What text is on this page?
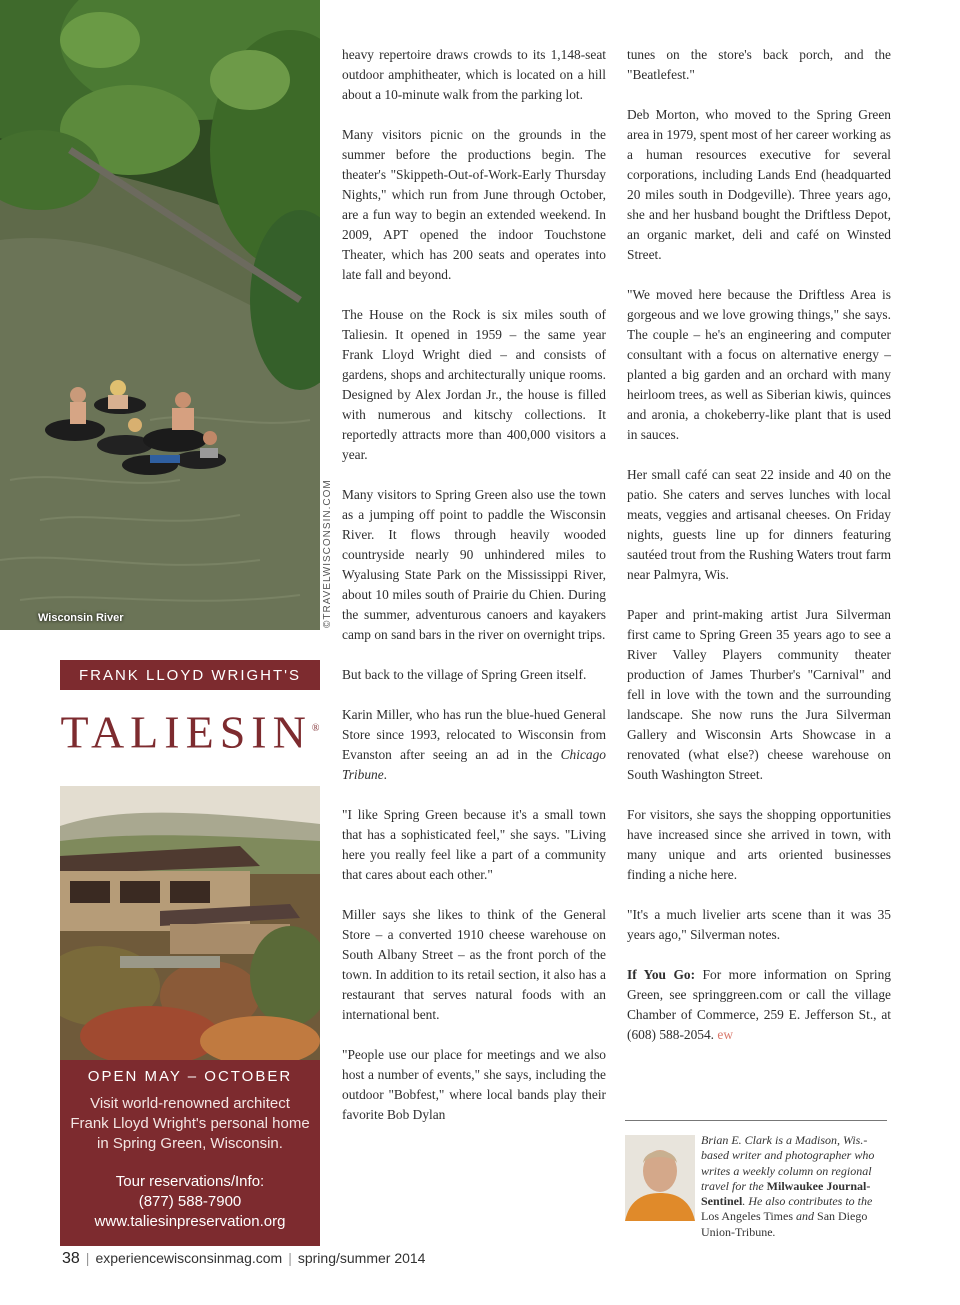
Wisconsin River	©TRAVELWISCONSIN.COM
FRANK LLOYD WRIGHT'S
TALIESIN®
OPEN MAY – OCTOBER
Visit world-renowned architect
Frank Lloyd Wright's personal home
in Spring Green, Wisconsin.
Tour reservations/Info:
(877) 588-7900
www.taliesinpreservation.org

heavy repertoire draws crowds to its 1,148-seat outdoor amphitheater, which is located on a hill about a 10-minute walk from the parking lot.

Many visitors picnic on the grounds in the summer before the productions begin. The theater's "Skippeth-Out-of-Work-Early Thursday Nights," which run from June through October, are a fun way to begin an extended weekend. In 2009, APT opened the indoor Touchstone Theater, which has 200 seats and operates into late fall and beyond.

The House on the Rock is six miles south of Taliesin. It opened in 1959 – the same year Frank Lloyd Wright died – and consists of gardens, shops and architecturally unique rooms. Designed by Alex Jordan Jr., the house is filled with numerous and kitschy collections. It reportedly attracts more than 400,000 visitors a year.

Many visitors to Spring Green also use the town as a jumping off point to paddle the Wisconsin River. It flows through heavily wooded countryside nearly 90 unhindered miles to Wyalusing State Park on the Mississippi River, about 10 miles south of Prairie du Chien. During the summer, adventurous canoers and kayakers camp on sand bars in the river on overnight trips.

But back to the village of Spring Green itself.

Karin Miller, who has run the blue-hued General Store since 1993, relocated to Wisconsin from Evanston after seeing an ad in the Chicago Tribune.

"I like Spring Green because it's a small town that has a sophisticated feel," she says. "Living here you really feel like a part of a community that cares about each other."

Miller says she likes to think of the General Store – a converted 1910 cheese warehouse on South Albany Street – as the front porch of the town. In addition to its retail section, it also has a restaurant that serves natural foods with an international bent.

"People use our place for meetings and we also host a number of events," she says, including the outdoor "Bobfest," where local bands play their favorite Bob Dylan

tunes on the store's back porch, and the "Beatlefest."

Deb Morton, who moved to the Spring Green area in 1979, spent most of her career working as a human resources executive for several corporations, including Lands End (headquarted 20 miles south in Dodgeville). Three years ago, she and her husband bought the Driftless Depot, an organic market, deli and café on Winsted Street.

"We moved here because the Driftless Area is gorgeous and we love growing things," she says. The couple – he's an engineering and computer consultant with a focus on alternative energy – planted a big garden and an orchard with many heirloom trees, as well as Siberian kiwis, quinces and aronia, a chokeberry-like plant that is used in sauces.

Her small café can seat 22 inside and 40 on the patio. She caters and serves lunches with local meats, veggies and artisanal cheeses. On Friday nights, guests line up for dinners featuring sautéed trout from the Rushing Waters trout farm near Palmyra, Wis.

Paper and print-making artist Jura Silverman first came to Spring Green 35 years ago to see a River Valley Players community theater production of James Thurber's "Carnival" and fell in love with the town and the surrounding landscape. She now runs the Jura Silverman Gallery and Wisconsin Arts Showcase in a renovated (what else?) cheese warehouse on South Washington Street.

For visitors, she says the shopping opportunities have increased since she arrived in town, with many unique and arts oriented businesses finding a niche here.

"It's a much livelier arts scene than it was 35 years ago," Silverman notes.

If You Go: For more information on Spring Green, see springgreen.com or call the village Chamber of Commerce, 259 E. Jefferson St., at (608) 588-2054. ew

Brian E. Clark is a Madison, Wis.-based writer and photographer who writes a weekly column on regional travel for the Milwaukee Journal-Sentinel. He also contributes to the Los Angeles Times and San Diego Union-Tribune.
38 | experiencewisconsinmag.com | spring/summer 2014
